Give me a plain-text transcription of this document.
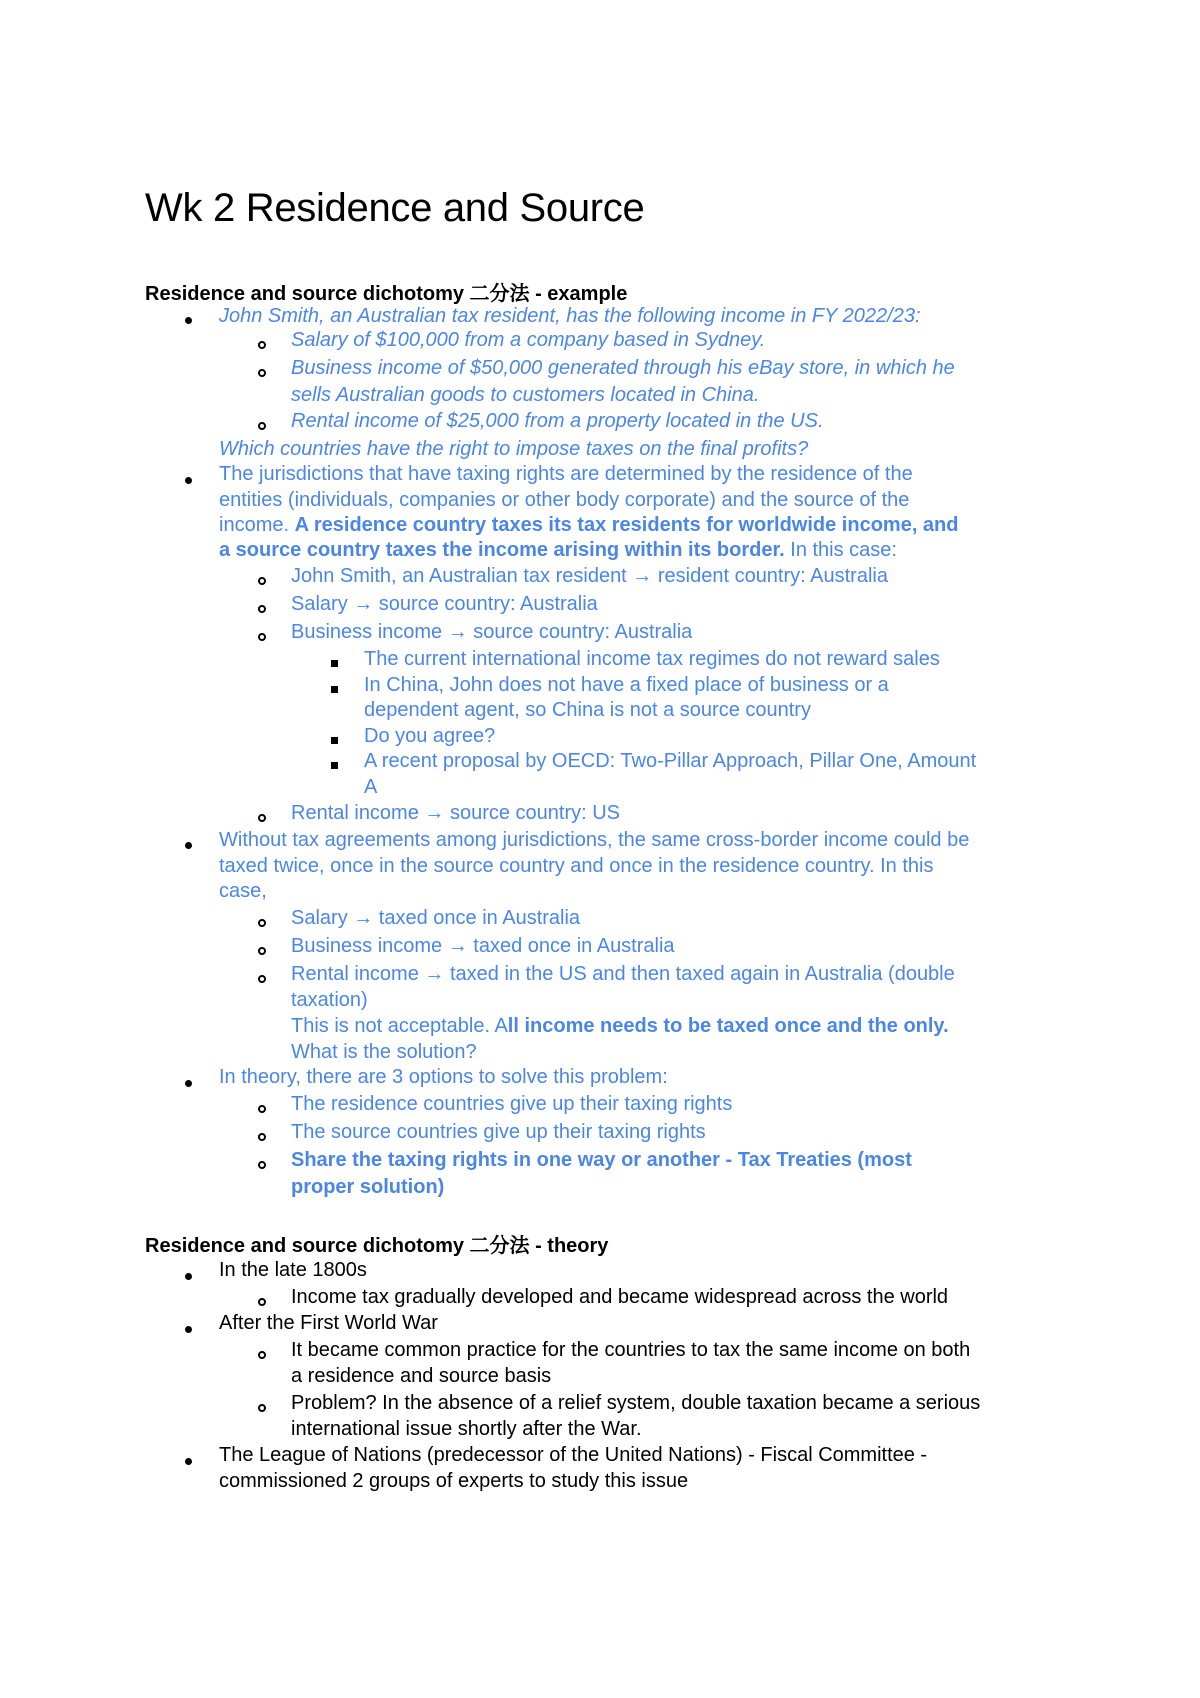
Wk 2 Residence and Source
Residence and source dichotomy 二分法 - example
John Smith, an Australian tax resident, has the following income in FY 2022/23:
Salary of $100,000 from a company based in Sydney.
Business income of $50,000 generated through his eBay store, in which he
sells Australian goods to customers located in China.
Rental income of $25,000 from a property located in the US.
Which countries have the right to impose taxes on the final profits?
The jurisdictions that have taxing rights are determined by the residence of the
entities (individuals, companies or other body corporate) and the source of the
income. A residence country taxes its tax residents for worldwide income, and
a source country taxes the income arising within its border. In this case:
John Smith, an Australian tax resident → resident country: Australia
Salary → source country: Australia
Business income → source country: Australia
The current international income tax regimes do not reward sales
In China, John does not have a fixed place of business or a
dependent agent, so China is not a source country
Do you agree?
A recent proposal by OECD: Two-Pillar Approach, Pillar One, Amount
A
Rental income → source country: US
Without tax agreements among jurisdictions, the same cross-border income could be
taxed twice, once in the source country and once in the residence country. In this
case,
Salary → taxed once in Australia
Business income → taxed once in Australia
Rental income → taxed in the US and then taxed again in Australia (double
taxation)
This is not acceptable. All income needs to be taxed once and the only.
What is the solution?
In theory, there are 3 options to solve this problem:
The residence countries give up their taxing rights
The source countries give up their taxing rights
Share the taxing rights in one way or another - Tax Treaties (most
proper solution)
Residence and source dichotomy 二分法 - theory
In the late 1800s
Income tax gradually developed and became widespread across the world
After the First World War
It became common practice for the countries to tax the same income on both
a residence and source basis
Problem? In the absence of a relief system, double taxation became a serious
international issue shortly after the War.
The League of Nations (predecessor of the United Nations) - Fiscal Committee -
commissioned 2 groups of experts to study this issue
